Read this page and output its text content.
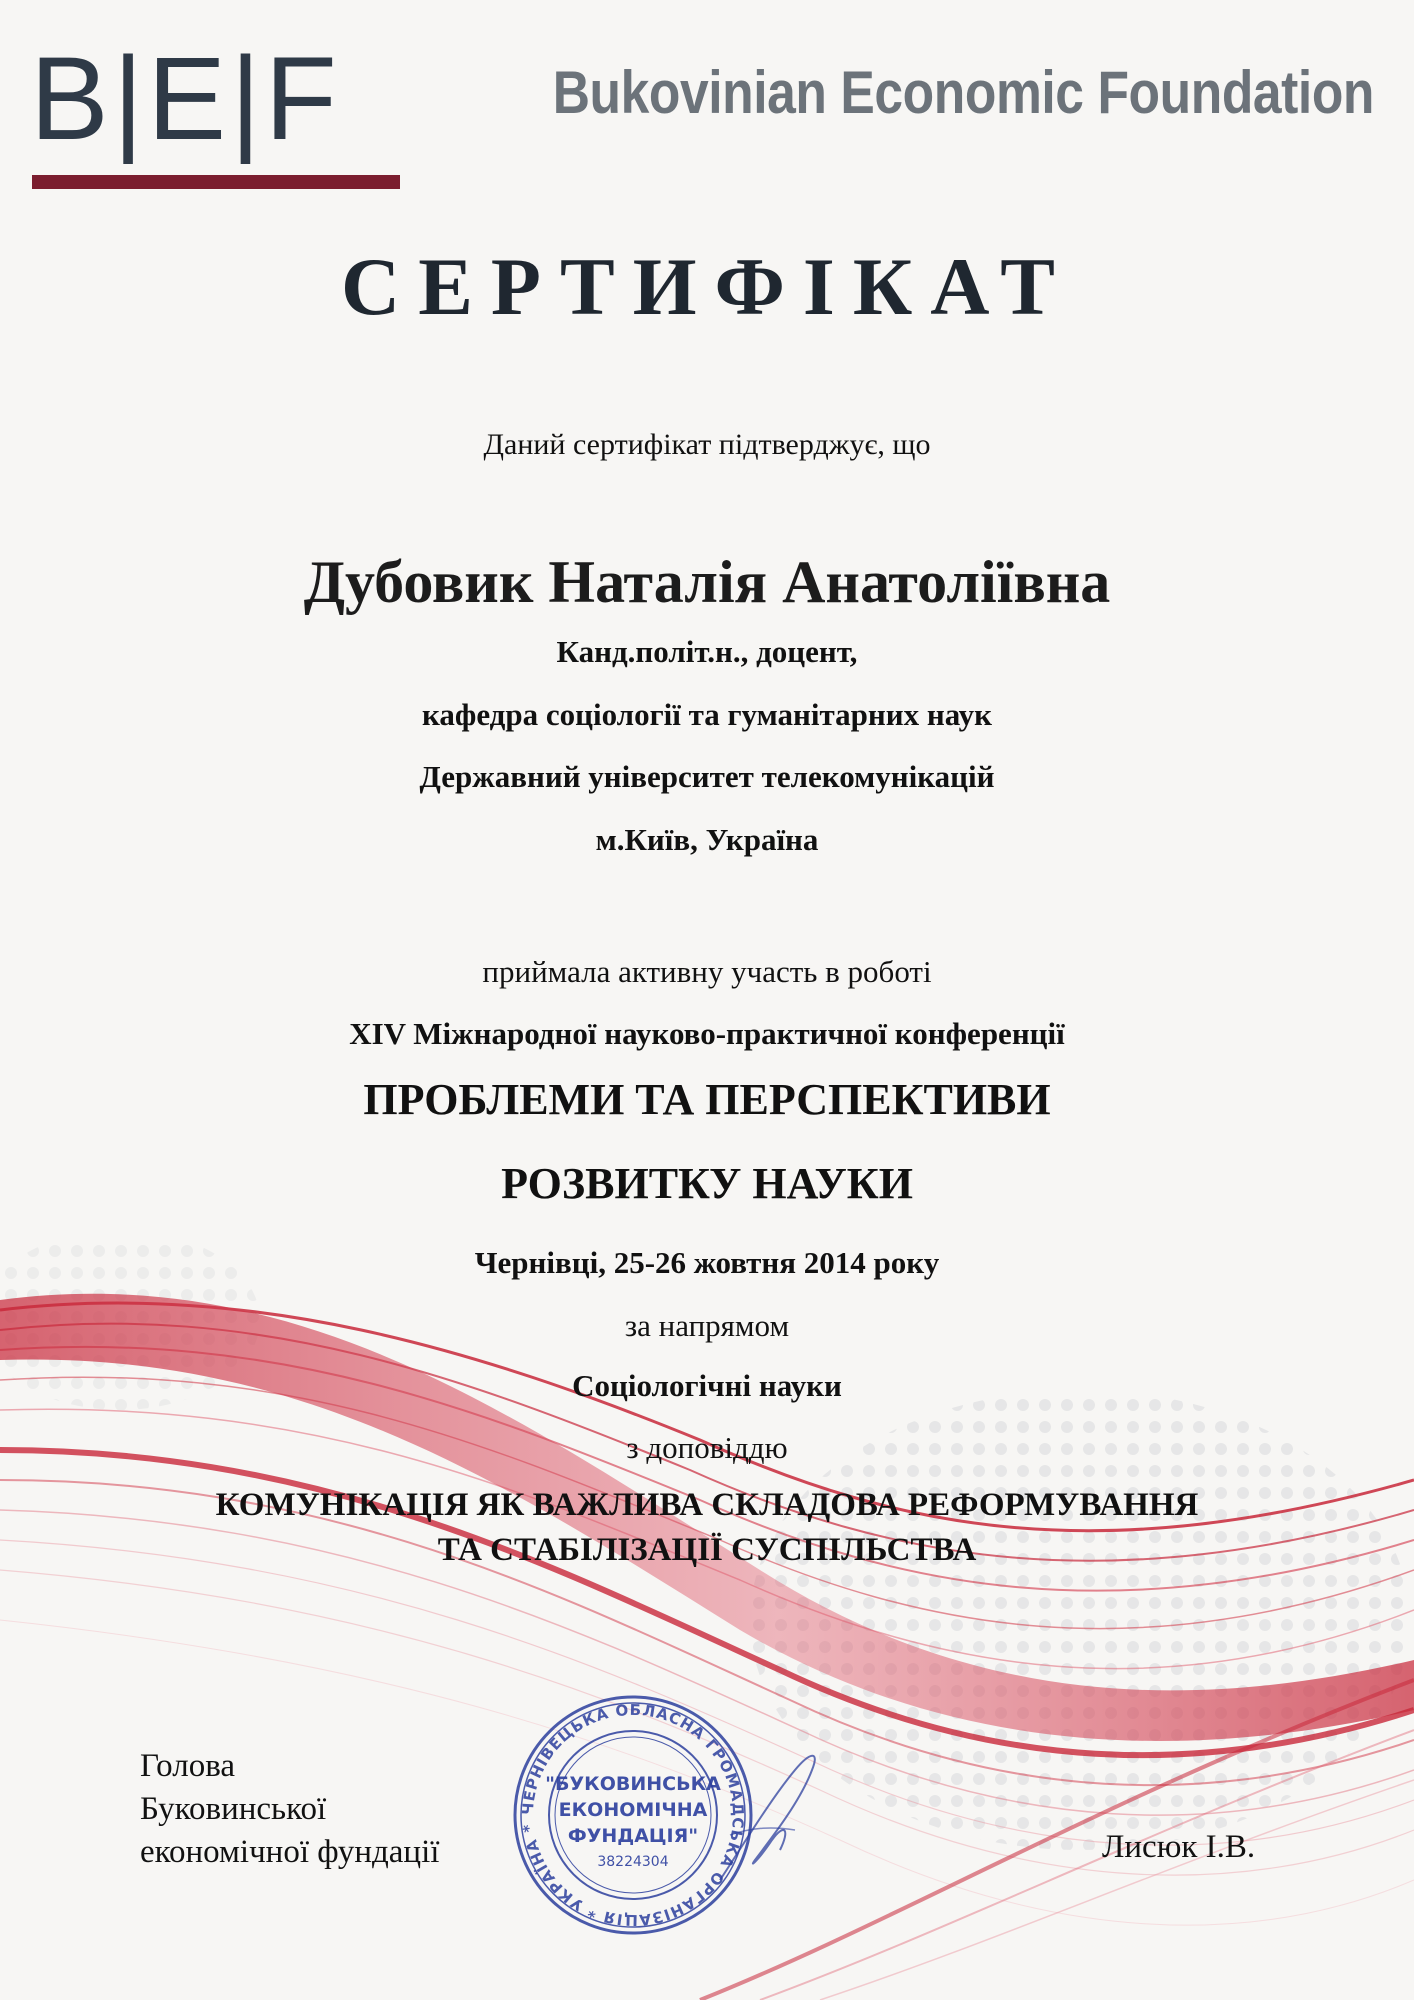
B|E|F	Bukovinian Economic Foundation
СЕРТИФІКАТ
Даний сертифікат підтверджує, що
Дубовик Наталія Анатоліївна
Канд.політ.н., доцент,
кафедра соціології та гуманітарних наук
Державний університет телекомунікацій
м.Київ, Україна
приймала активну участь в роботі
XIV Міжнародної науково-практичної конференції
ПРОБЛЕМИ ТА ПЕРСПЕКТИВИ
РОЗВИТКУ НАУКИ
Чернівці, 25-26 жовтня 2014 року
за напрямом
Соціологічні науки
з доповіддю
КОМУНІКАЦІЯ ЯК ВАЖЛИВА СКЛАДОВА РЕФОРМУВАННЯ
ТА СТАБІЛІЗАЦІЇ СУСПІЛЬСТВА
Голова
Буковинської
економічної фундації	Лисюк І.В.
ЧЕРНІВЕЦЬКА ОБЛАСНА ГРОМАДСЬКА ОРГАНІЗАЦІЯ * УКРАЇНА *
"БУКОВИНСЬКА
ЕКОНОМІЧНА
ФУНДАЦІЯ"
38224304
